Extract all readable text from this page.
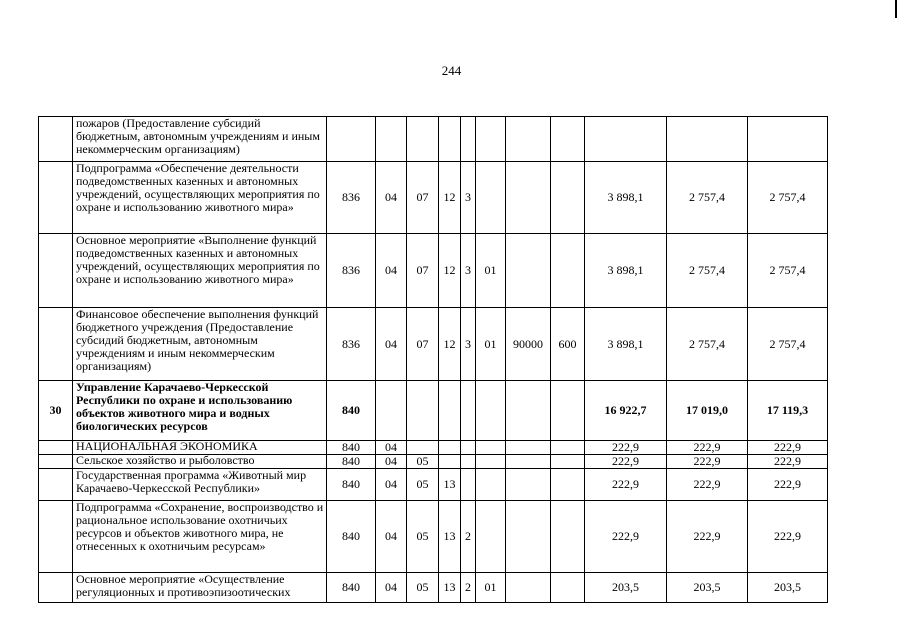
244
	пожаров (Предоставление субсидий бюджетным, автономным учреждениям и иным некоммерческим организациям)											
	Подпрограмма «Обеспечение деятельности подведомственных казенных и автономных учреждений, осуществляющих мероприятия по охране и использованию животного мира»	836	04	07	12	3				3 898,1	2 757,4	2 757,4
	Основное мероприятие «Выполнение функций подведомственных казенных и автономных учреждений, осуществляющих мероприятия по охране и использованию животного мира»	836	04	07	12	3	01			3 898,1	2 757,4	2 757,4
	Финансовое обеспечение выполнения функций бюджетного учреждения (Предоставление субсидий бюджетным, автономным учреждениям и иным некоммерческим организациям)	836	04	07	12	3	01	90000	600	3 898,1	2 757,4	2 757,4
30	Управление Карачаево-Черкесской Республики по охране и использованию объектов животного мира и водных биологических ресурсов	840								16 922,7	17 019,0	17 119,3
	НАЦИОНАЛЬНАЯ ЭКОНОМИКА	840	04							222,9	222,9	222,9
	Сельское хозяйство и рыболовство	840	04	05						222,9	222,9	222,9
	Государственная программа «Животный мир Карачаево-Черкесской Республики»	840	04	05	13					222,9	222,9	222,9
	Подпрограмма «Сохранение, воспроизводство и рациональное использование охотничьих ресурсов и объектов животного мира, не отнесенных к охотничьим ресурсам»	840	04	05	13	2				222,9	222,9	222,9
	Основное мероприятие «Осуществление регуляционных и противоэпизоотических	840	04	05	13	2	01			203,5	203,5	203,5
